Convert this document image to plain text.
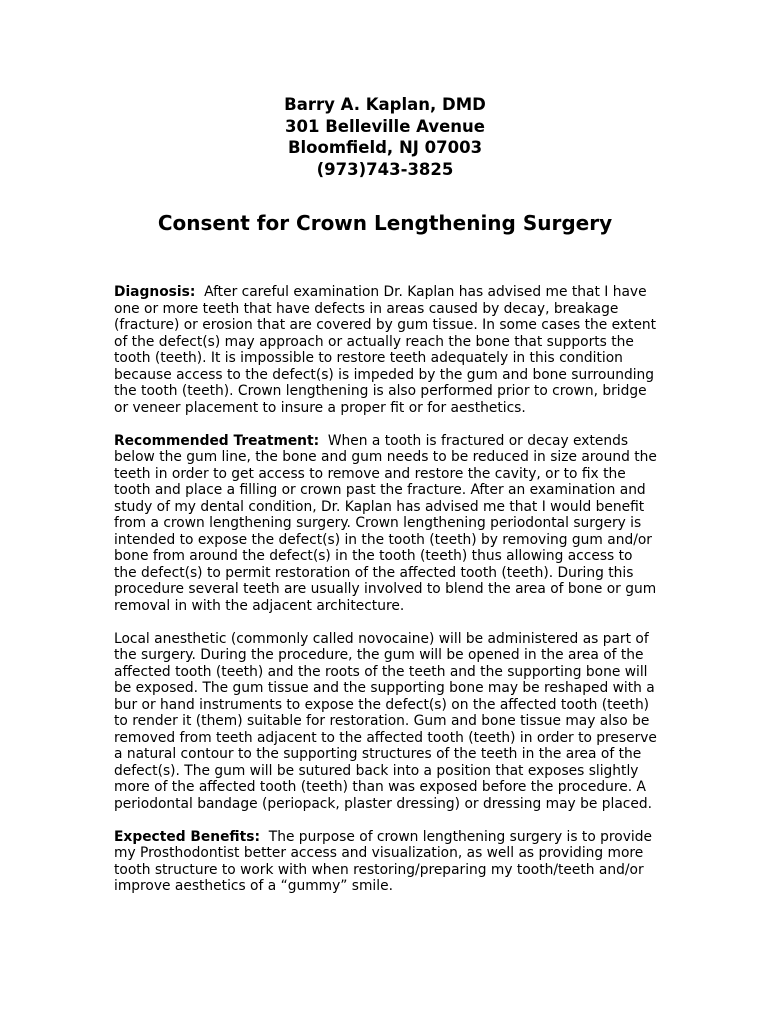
Barry A. Kaplan, DMD
301 Belleville Avenue
Bloomfield, NJ 07003
(973)743-3825
Consent for Crown Lengthening Surgery

Diagnosis: After careful examination Dr. Kaplan has advised me that I have one or more teeth that have defects in areas caused by decay, breakage (fracture) or erosion that are covered by gum tissue. In some cases the extent of the defect(s) may approach or actually reach the bone that supports the tooth (teeth). It is impossible to restore teeth adequately in this condition because access to the defect(s) is impeded by the gum and bone surrounding the tooth (teeth). Crown lengthening is also performed prior to crown, bridge or veneer placement to insure a proper fit or for aesthetics.

Recommended Treatment: When a tooth is fractured or decay extends below the gum line, the bone and gum needs to be reduced in size around the teeth in order to get access to remove and restore the cavity, or to fix the tooth and place a filling or crown past the fracture. After an examination and study of my dental condition, Dr. Kaplan has advised me that I would benefit from a crown lengthening surgery. Crown lengthening periodontal surgery is intended to expose the defect(s) in the tooth (teeth) by removing gum and/or bone from around the defect(s) in the tooth (teeth) thus allowing access to the defect(s) to permit restoration of the affected tooth (teeth). During this procedure several teeth are usually involved to blend the area of bone or gum removal in with the adjacent architecture.

Local anesthetic (commonly called novocaine) will be administered as part of the surgery. During the procedure, the gum will be opened in the area of the affected tooth (teeth) and the roots of the teeth and the supporting bone will be exposed. The gum tissue and the supporting bone may be reshaped with a bur or hand instruments to expose the defect(s) on the affected tooth (teeth) to render it (them) suitable for restoration. Gum and bone tissue may also be removed from teeth adjacent to the affected tooth (teeth) in order to preserve a natural contour to the supporting structures of the teeth in the area of the defect(s). The gum will be sutured back into a position that exposes slightly more of the affected tooth (teeth) than was exposed before the procedure. A periodontal bandage (periopack, plaster dressing) or dressing may be placed.

Expected Benefits: The purpose of crown lengthening surgery is to provide my Prosthodontist better access and visualization, as well as providing more tooth structure to work with when restoring/preparing my tooth/teeth and/or improve aesthetics of a “gummy” smile.
